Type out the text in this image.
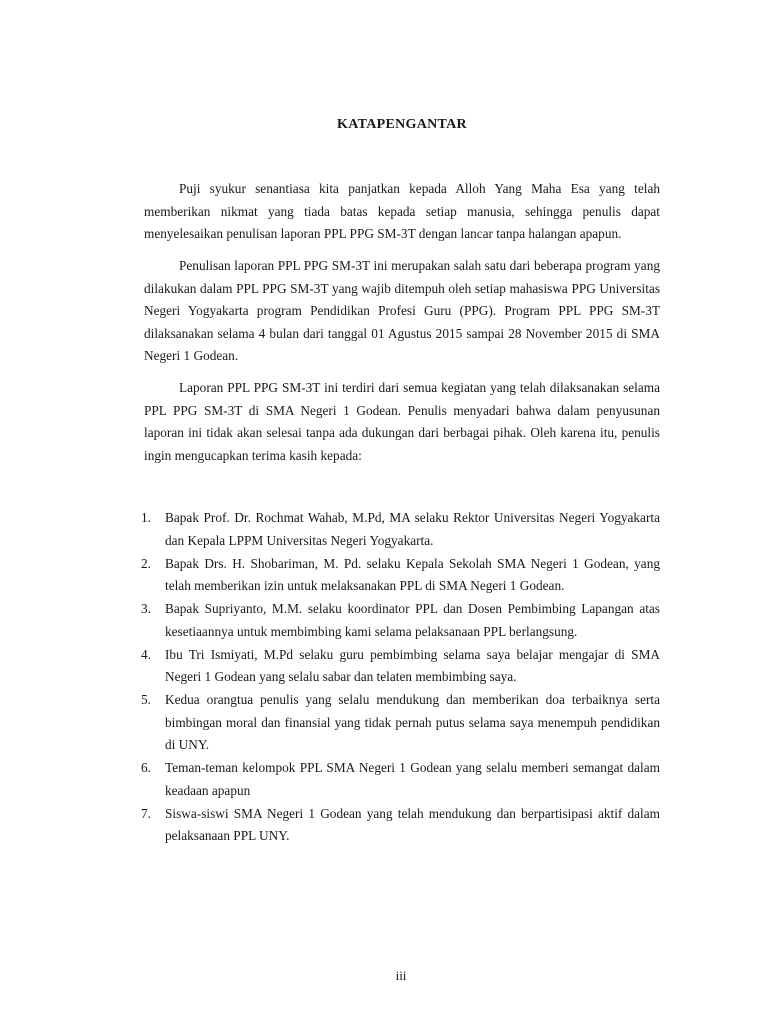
KATAPENGANTAR

Puji syukur senantiasa kita panjatkan kepada Alloh Yang Maha Esa yang telah memberikan nikmat yang tiada batas kepada setiap manusia, sehingga penulis dapat menyelesaikan penulisan laporan PPL PPG SM-3T dengan lancar tanpa halangan apapun.

Penulisan laporan PPL PPG SM-3T ini merupakan salah satu dari beberapa program yang dilakukan dalam PPL PPG SM-3T yang wajib ditempuh oleh setiap mahasiswa PPG Universitas Negeri Yogyakarta program Pendidikan Profesi Guru (PPG). Program PPL PPG SM-3T dilaksanakan selama 4 bulan dari tanggal 01 Agustus 2015 sampai 28 November 2015 di SMA Negeri 1 Godean.

Laporan PPL PPG SM-3T ini terdiri dari semua kegiatan yang telah dilaksanakan selama PPL PPG SM-3T di SMA Negeri 1 Godean. Penulis menyadari bahwa dalam penyusunan laporan ini tidak akan selesai tanpa ada dukungan dari berbagai pihak. Oleh karena itu, penulis ingin mengucapkan terima kasih kepada:

1.	Bapak Prof. Dr. Rochmat Wahab, M.Pd, MA selaku Rektor Universitas Negeri Yogyakarta dan Kepala LPPM Universitas Negeri Yogyakarta.
2.	Bapak Drs. H. Shobariman, M. Pd. selaku Kepala Sekolah SMA Negeri 1 Godean, yang telah memberikan izin untuk melaksanakan PPL di SMA Negeri 1 Godean.
3.	Bapak Supriyanto, M.M. selaku koordinator PPL dan Dosen Pembimbing Lapangan atas kesetiaannya untuk membimbing kami selama pelaksanaan PPL berlangsung.
4.	Ibu Tri Ismiyati, M.Pd selaku guru pembimbing selama saya belajar mengajar di SMA Negeri 1 Godean yang selalu sabar dan telaten membimbing saya.
5.	Kedua orangtua penulis yang selalu mendukung dan memberikan doa terbaiknya serta bimbingan moral dan finansial yang tidak pernah putus selama saya menempuh pendidikan di UNY.
6.	Teman-teman kelompok PPL SMA Negeri 1 Godean yang selalu memberi semangat dalam keadaan apapun
7.	Siswa-siswi SMA Negeri 1 Godean yang telah mendukung dan berpartisipasi aktif dalam pelaksanaan PPL UNY.
iii
